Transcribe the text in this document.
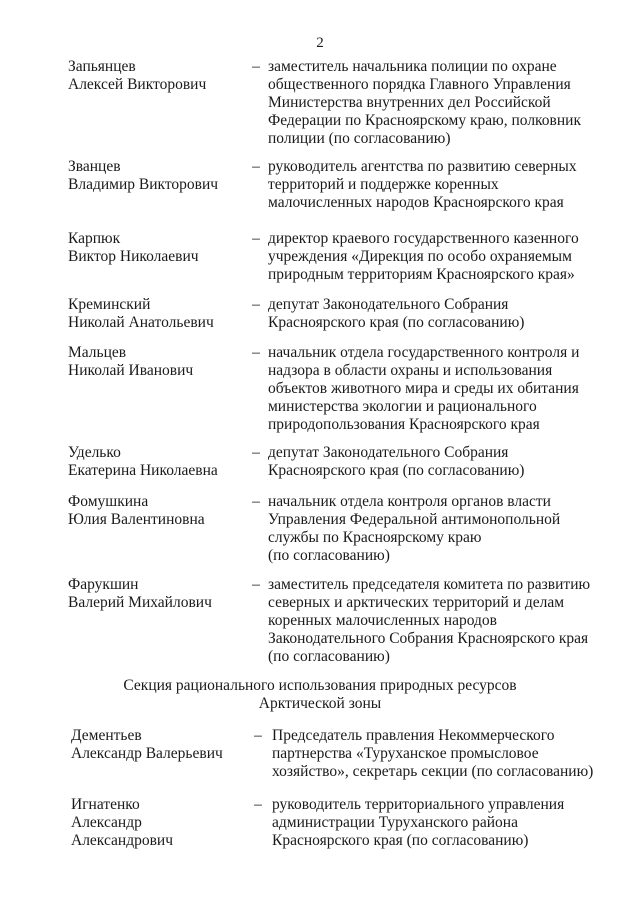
2
Запьянцев
Алексей Викторович
– заместитель начальника полиции по охране
общественного порядка Главного Управления
Министерства внутренних дел Российской
Федерации по Красноярскому краю, полковник
полиции (по согласованию)
Званцев
Владимир Викторович
– руководитель агентства по развитию северных
территорий и поддержке коренных
малочисленных народов Красноярского края
Карпюк
Виктор Николаевич
– директор краевого государственного казенного
учреждения «Дирекция по особо охраняемым
природным территориям Красноярского края»
Креминский
Николай Анатольевич
– депутат Законодательного Собрания
Красноярского края (по согласованию)
Мальцев
Николай Иванович
– начальник отдела государственного контроля и
надзора в области охраны и использования
объектов животного мира и среды их обитания
министерства экологии и рационального
природопользования Красноярского края
Уделько
Екатерина Николаевна
– депутат Законодательного Собрания
Красноярского края (по согласованию)
Фомушкина
Юлия Валентиновна
– начальник отдела контроля органов власти
Управления Федеральной антимонопольной
службы по Красноярскому краю
(по согласованию)
Фарукшин
Валерий Михайлович
– заместитель председателя комитета по развитию
северных и арктических территорий и делам
коренных малочисленных народов
Законодательного Собрания Красноярского края
(по согласованию)
Секция рационального использования природных ресурсов
Арктической зоны
Дементьев
Александр Валерьевич
– Председатель правления Некоммерческого
партнерства «Туруханское промысловое
хозяйство», секретарь секции (по согласованию)
Игнатенко
Александр
Александрович
– руководитель территориального управления
администрации Туруханского района
Красноярского края (по согласованию)
